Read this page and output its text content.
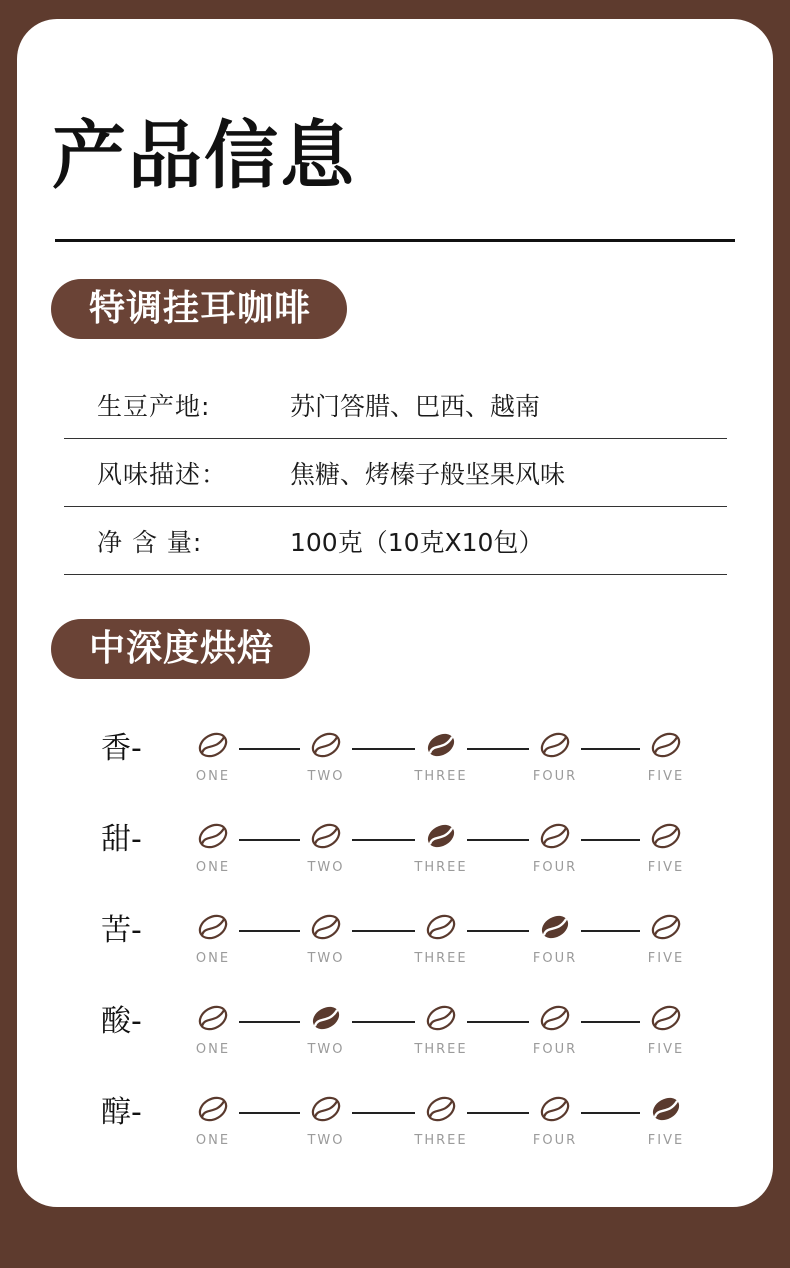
产品信息
特调挂耳咖啡
生豆产地:	苏门答腊、巴西、越南
风味描述：	焦糖、烤榛子般坚果风味
净 含 量:	100克（10克X10包）
中深度烘焙
香-
ONE	TWO	THREE	FOUR	FIVE
甜-
ONE	TWO	THREE	FOUR	FIVE
苦-
ONE	TWO	THREE	FOUR	FIVE
酸-
ONE	TWO	THREE	FOUR	FIVE
醇-
ONE	TWO	THREE	FOUR	FIVE
